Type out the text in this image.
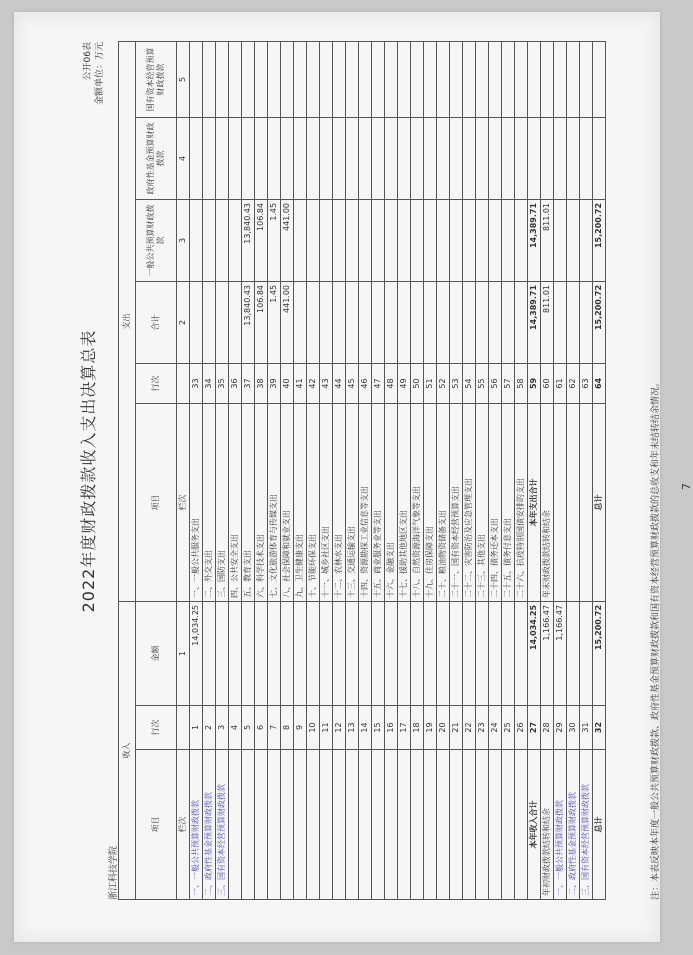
2022年度财政拨款收入支出决算总表
公开06表 金额单位：万元
浙江科技学院
收入			支出					
项目	行次	金额	项目	行次	合计	一般公共预算财政拨款	政府性基金预算财政拨款	国有资本经营预算财政拨款
栏次		1	栏次		2	3	4	5
一、一般公共预算财政拨款	1	14,034.25	一、一般公共服务支出	33				
二、政府性基金预算财政拨款	2		二、外交支出	34				
三、国有资本经营预算财政拨款	3		三、国防支出	35				
	4		四、公共安全支出	36				
	5		五、教育支出	37	13,840.43	13,840.43		
	6		六、科学技术支出	38	106.84	106.84		
	7		七、文化旅游体育与传媒支出	39	1.45	1.45		
	8		八、社会保障和就业支出	40	441.00	441.00		
	9		九、卫生健康支出	41				
	10		十、节能环保支出	42				
	11		十一、城乡社区支出	43				
	12		十二、农林水支出	44				
	13		十三、交通运输支出	45				
	14		十四、资源勘探工业信息等支出	46				
	15		十五、商业服务业等支出	47				
	16		十六、金融支出	48				
	17		十七、援助其他地区支出	49				
	18		十八、自然资源海洋气象等支出	50				
	19		十九、住房保障支出	51				
	20		二十、粮油物资储备支出	52				
	21		二十一、国有资本经营预算支出	53				
	22		二十二、灾害防治及应急管理支出	54				
	23		二十三、其他支出	55				
	24		二十四、债务还本支出	56				
	25		二十五、债务付息支出	57				
	26		二十六、抗疫特别国债安排的支出	58				
本年收入合计	27	14,034.25	本年支出合计	59	14,389.71	14,389.71		
年初财政拨款结转和结余	28	1,166.47	年末财政拨款结转和结余	60	811.01	811.01		
一、一般公共预算财政拨款	29	1,166.47		61				
二、政府性基金预算财政拨款	30			62				
三、国有资本经营预算财政拨款	31			63				
总计	32	15,200.72	总计	64	15,200.72	15,200.72		
注：本表反映本年度一般公共预算财政拨款、政府性基金预算财政拨款和国有资本经营预算财政拨款的总收支和年末结转结余情况。 7
